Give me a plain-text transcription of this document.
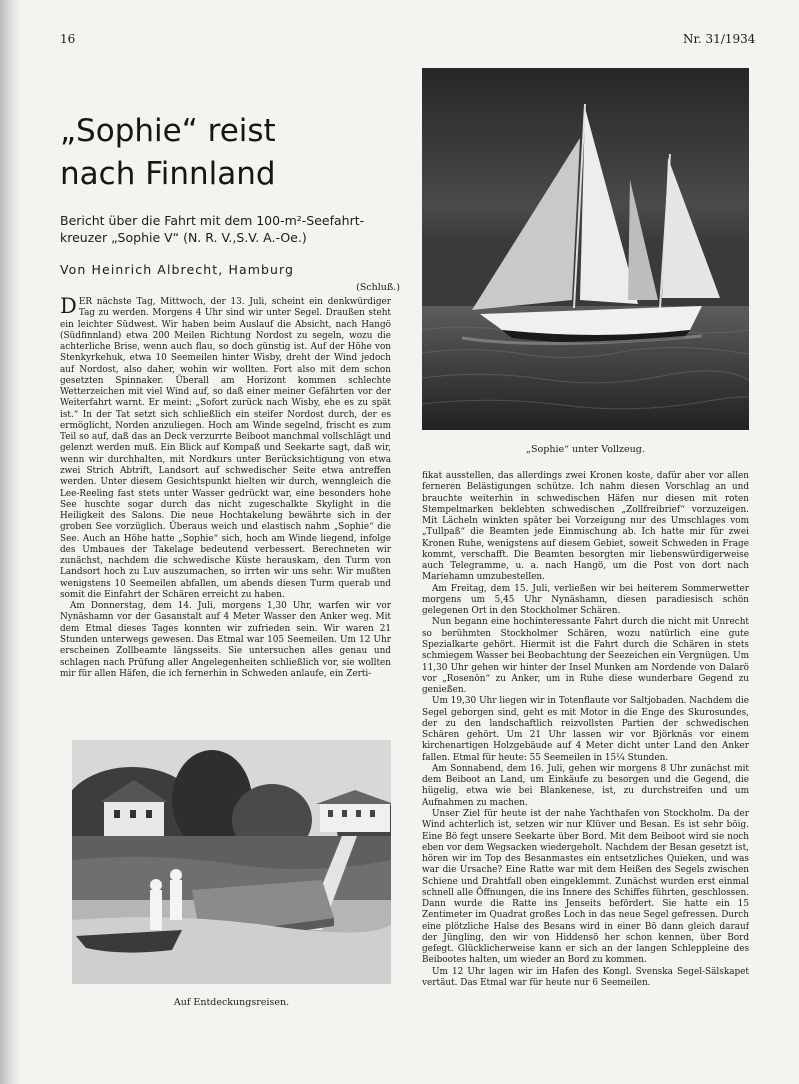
16	Nr. 31/1934
„Sophie“ reist
nach Finnland

Bericht über die Fahrt mit dem 100-m²-Seefahrt-kreuzer „Sophie V“ (N. R. V.,S.V. A.-Oe.)

Von Heinrich Albrecht, Hamburg
(Schluß.)

DER nächste Tag, Mittwoch, der 13. Juli, scheint ein denkwürdiger Tag zu werden. Morgens 4 Uhr sind wir unter Segel. Draußen steht ein leichter Südwest. Wir haben beim Auslauf die Absicht, nach Hangö (Südfinnland) etwa 200 Meilen Richtung Nordost zu segeln, wozu die achterliche Brise, wenn auch flau, so doch günstig ist. Auf der Höhe von Stenkyrkehuk, etwa 10 Seemeilen hinter Wisby, dreht der Wind jedoch auf Nordost, also daher, wohin wir wollten. Fort also mit dem schon gesetzten Spinnaker. Überall am Horizont kommen schlechte Wetterzeichen mit viel Wind auf, so daß einer meiner Gefährten vor der Weiterfahrt warnt. Er meint: „Sofort zurück nach Wisby, ehe es zu spät ist.“ In der Tat setzt sich schließlich ein steifer Nordost durch, der es ermöglicht, Norden anzuliegen. Hoch am Winde segelnd, frischt es zum Teil so auf, daß das an Deck verzurrte Beiboot manchmal vollschlägt und gelenzt werden muß. Ein Blick auf Kompaß und Seekarte sagt, daß wir, wenn wir durchhalten, mit Nordkurs unter Berücksichtigung von etwa zwei Strich Abtrift, Landsort auf schwedischer Seite etwa antreffen werden. Unter diesem Gesichtspunkt hielten wir durch, wenngleich die Lee-Reeling fast stets unter Wasser gedrückt war, eine besonders hohe See huschte sogar durch das nicht zugeschalkte Skylight in die Heiligkeit des Salons. Die neue Hochtakelung bewährte sich in der groben See vorzüglich. Überaus weich und elastisch nahm „Sophie“ die See. Auch an Höhe hatte „Sophie“ sich, hoch am Winde liegend, infolge des Umbaues der Takelage bedeutend verbessert. Berechneten wir zunächst, nachdem die schwedische Küste herauskam, den Turm von Landsort hoch zu Luv auszumachen, so irrten wir uns sehr. Wir mußten wenigstens 10 Seemeilen abfallen, um abends diesen Turm querab und somit die Einfahrt der Schären erreicht zu haben.

Am Donnerstag, dem 14. Juli, morgens 1,30 Uhr, warfen wir vor Nynäshamn vor der Gasanstalt auf 4 Meter Wasser den Anker weg. Mit dem Etmal dieses Tages konnten wir zufrieden sein. Wir waren 21 Stunden unterwegs gewesen. Das Etmal war 105 Seemeilen. Um 12 Uhr erscheinen Zollbeamte längsseits. Sie untersuchen alles genau und schlagen nach Prüfung aller Angelegenheiten schließlich vor, sie wollten mir für allen Häfen, die ich fernerhin in Schweden anlaufe, ein Zerti-

„Sophie“ unter Vollzeug.

fikat ausstellen, das allerdings zwei Kronen koste, dafür aber vor allen ferneren Belästigungen schütze. Ich nahm diesen Vorschlag an und brauchte weiterhin in schwedischen Häfen nur diesen mit roten Stempelmarken beklebten schwedischen „Zollfreibrief“ vorzuzeigen. Mit Lächeln winkten später bei Vorzeigung nur des Umschlages vom „Tullpaß“ die Beamten jede Einmischung ab. Ich hatte mir für zwei Kronen Ruhe, wenigstens auf diesem Gebiet, soweit Schweden in Frage kommt, verschafft. Die Beamten besorgten mir liebenswürdigerweise auch Telegramme, u. a. nach Hangö, um die Post von dort nach Mariehamn umzubestellen.

Am Freitag, dem 15. Juli, verließen wir bei heiterem Sommerwetter morgens um 5,45 Uhr Nynäshamn, diesen paradiesisch schön gelegenen Ort in den Stockholmer Schären.

Nun begann eine hochinteressante Fahrt durch die nicht mit Unrecht so berühmten Stockholmer Schären, wozu natürlich eine gute Spezialkarte gehört. Hiermit ist die Fahrt durch die Schären in stets schmiegem Wasser bei Beobachtung der Seezeichen ein Vergnügen. Um 11,30 Uhr gehen wir hinter der Insel Munken am Nordende von Dalarö vor „Rosenön“ zu Anker, um in Ruhe diese wunderbare Gegend zu genießen.

Um 19,30 Uhr liegen wir in Totenflaute vor Saltjobaden. Nachdem die Segel geborgen sind, geht es mit Motor in die Enge des Skurosundes, der zu den landschaftlich reizvollsten Partien der schwedischen Schären gehört. Um 21 Uhr lassen wir vor Björknäs vor einem kirchenartigen Holzgebäude auf 4 Meter dicht unter Land den Anker fallen. Etmal für heute: 55 Seemeilen in 15¼ Stunden.

Am Sonnabend, dem 16. Juli, gehen wir morgens 8 Uhr zunächst mit dem Beiboot an Land, um Einkäufe zu besorgen und die Gegend, die hügelig, etwa wie bei Blankenese, ist, zu durchstreifen und um Aufnahmen zu machen.

Unser Ziel für heute ist der nahe Yachthafen von Stockholm. Da der Wind achterlich ist, setzen wir nur Klüver und Besan. Es ist sehr böig. Eine Bö fegt unsere Seekarte über Bord. Mit dem Beiboot wird sie noch eben vor dem Wegsacken wiedergeholt. Nachdem der Besan gesetzt ist, hören wir im Top des Besanmastes ein entsetzliches Quieken, und was war die Ursache? Eine Ratte war mit dem Heißen des Segels zwischen Schiene und Drahtfall oben eingeklemmt. Zunächst wurden erst einmal schnell alle Öffnungen, die ins Innere des Schiffes führten, geschlossen. Dann wurde die Ratte ins Jenseits befördert. Sie hatte ein 15 Zentimeter im Quadrat großes Loch in das neue Segel gefressen. Durch eine plötzliche Halse des Besans wird in einer Bö dann gleich darauf der Jüngling, den wir von Hiddensö her schon kennen, über Bord gefegt. Glücklicherweise kann er sich an der langen Schleppleine des Beibootes halten, um wieder an Bord zu kommen.

Um 12 Uhr lagen wir im Hafen des Kongl. Svenska Segel-Sälskapet vertäut. Das Etmal war für heute nur 6 Seemeilen.

Auf Entdeckungsreisen.
